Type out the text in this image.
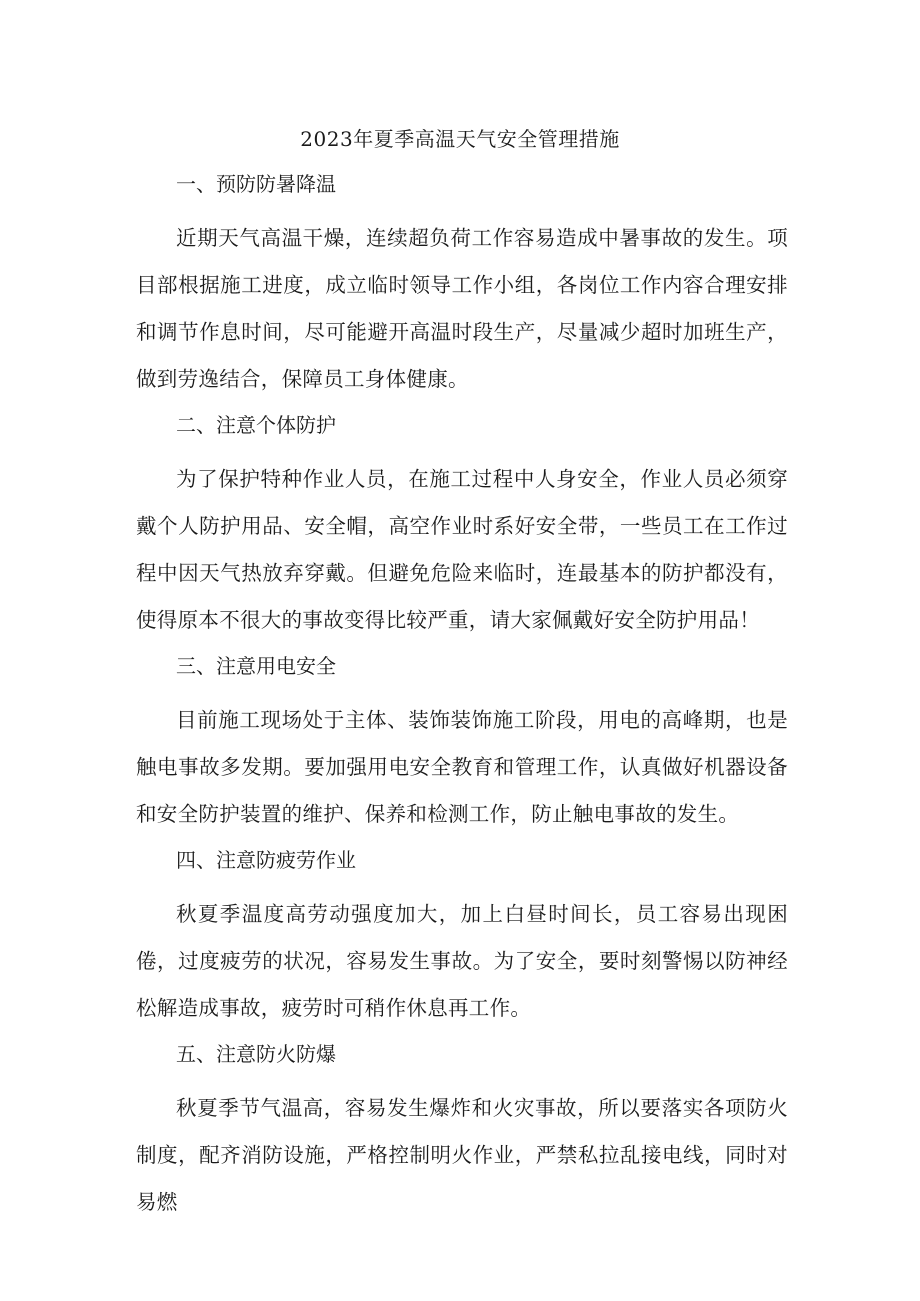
2023年夏季高温天气安全管理措施
一、预防防暑降温

近期天气高温干燥，连续超负荷工作容易造成中暑事故的发生。项目部根据施工进度，成立临时领导工作小组，各岗位工作内容合理安排和调节作息时间，尽可能避开高温时段生产，尽量减少超时加班生产，做到劳逸结合，保障员工身体健康。

二、注意个体防护

为了保护特种作业人员，在施工过程中人身安全，作业人员必须穿戴个人防护用品、安全帽，高空作业时系好安全带，一些员工在工作过程中因天气热放弃穿戴。但避免危险来临时，连最基本的防护都没有，使得原本不很大的事故变得比较严重，请大家佩戴好安全防护用品！

三、注意用电安全

目前施工现场处于主体、装饰装饰施工阶段，用电的高峰期，也是触电事故多发期。要加强用电安全教育和管理工作，认真做好机器设备和安全防护装置的维护、保养和检测工作，防止触电事故的发生。

四、注意防疲劳作业

秋夏季温度高劳动强度加大，加上白昼时间长，员工容易出现困倦，过度疲劳的状况，容易发生事故。为了安全，要时刻警惕以防神经松解造成事故，疲劳时可稍作休息再工作。

五、注意防火防爆

秋夏季节气温高，容易发生爆炸和火灾事故，所以要落实各项防火制度，配齐消防设施，严格控制明火作业，严禁私拉乱接电线，同时对易燃
